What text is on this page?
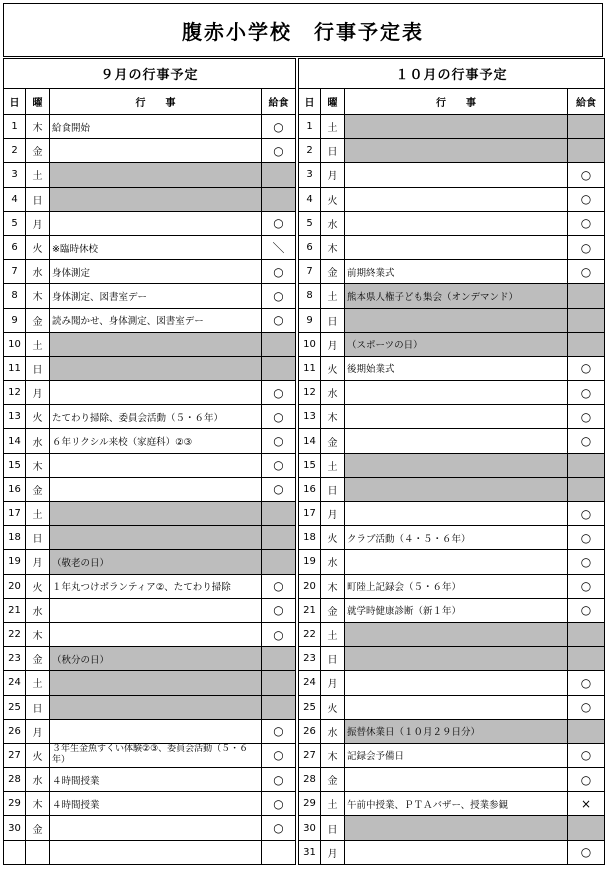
腹赤小学校　行事予定表
９月の行事予定			
日	曜	行　　事	給食
1	木	給食開始	○
2	金		○
3	土		
4	日		
5	月		○
6	火	※臨時休校	＼
7	水	身体測定	○
8	木	身体測定、図書室デー	○
9	金	読み聞かせ、身体測定、図書室デー	○
10	土		
11	日		
12	月		○
13	火	たてわり掃除、委員会活動（５・６年）	○
14	水	６年リクシル来校（家庭科）②③	○
15	木		○
16	金		○
17	土		
18	日		
19	月	（敬老の日）	
20	火	１年丸つけボランティア②、たてわり掃除	○
21	水		○
22	木		○
23	金	（秋分の日）	
24	土		
25	日		
26	月		○
27	火	３年生金魚すくい体験②③、委員会活動（５・６年）	○
28	水	４時間授業	○
29	木	４時間授業	○
30	金		○

１０月の行事予定			
日	曜	行　　事	給食
1	土		
2	日		
3	月		○
4	火		○
5	水		○
6	木		○
7	金	前期終業式	○
8	土	熊本県人権子ども集会（オンデマンド）	
9	日		
10	月	（スポーツの日）	
11	火	後期始業式	○
12	水		○
13	木		○
14	金		○
15	土		
16	日		
17	月		○
18	火	クラブ活動（４・５・６年）	○
19	水		○
20	木	町陸上記録会（５・６年）	○
21	金	就学時健康診断（新１年）	○
22	土		
23	日		
24	月		○
25	火		○
26	水	振替休業日（１０月２９日分）	
27	木	記録会予備日	○
28	金		○
29	土	午前中授業、ＰＴＡバザー、授業参観	×
30	日		
31	月		○
